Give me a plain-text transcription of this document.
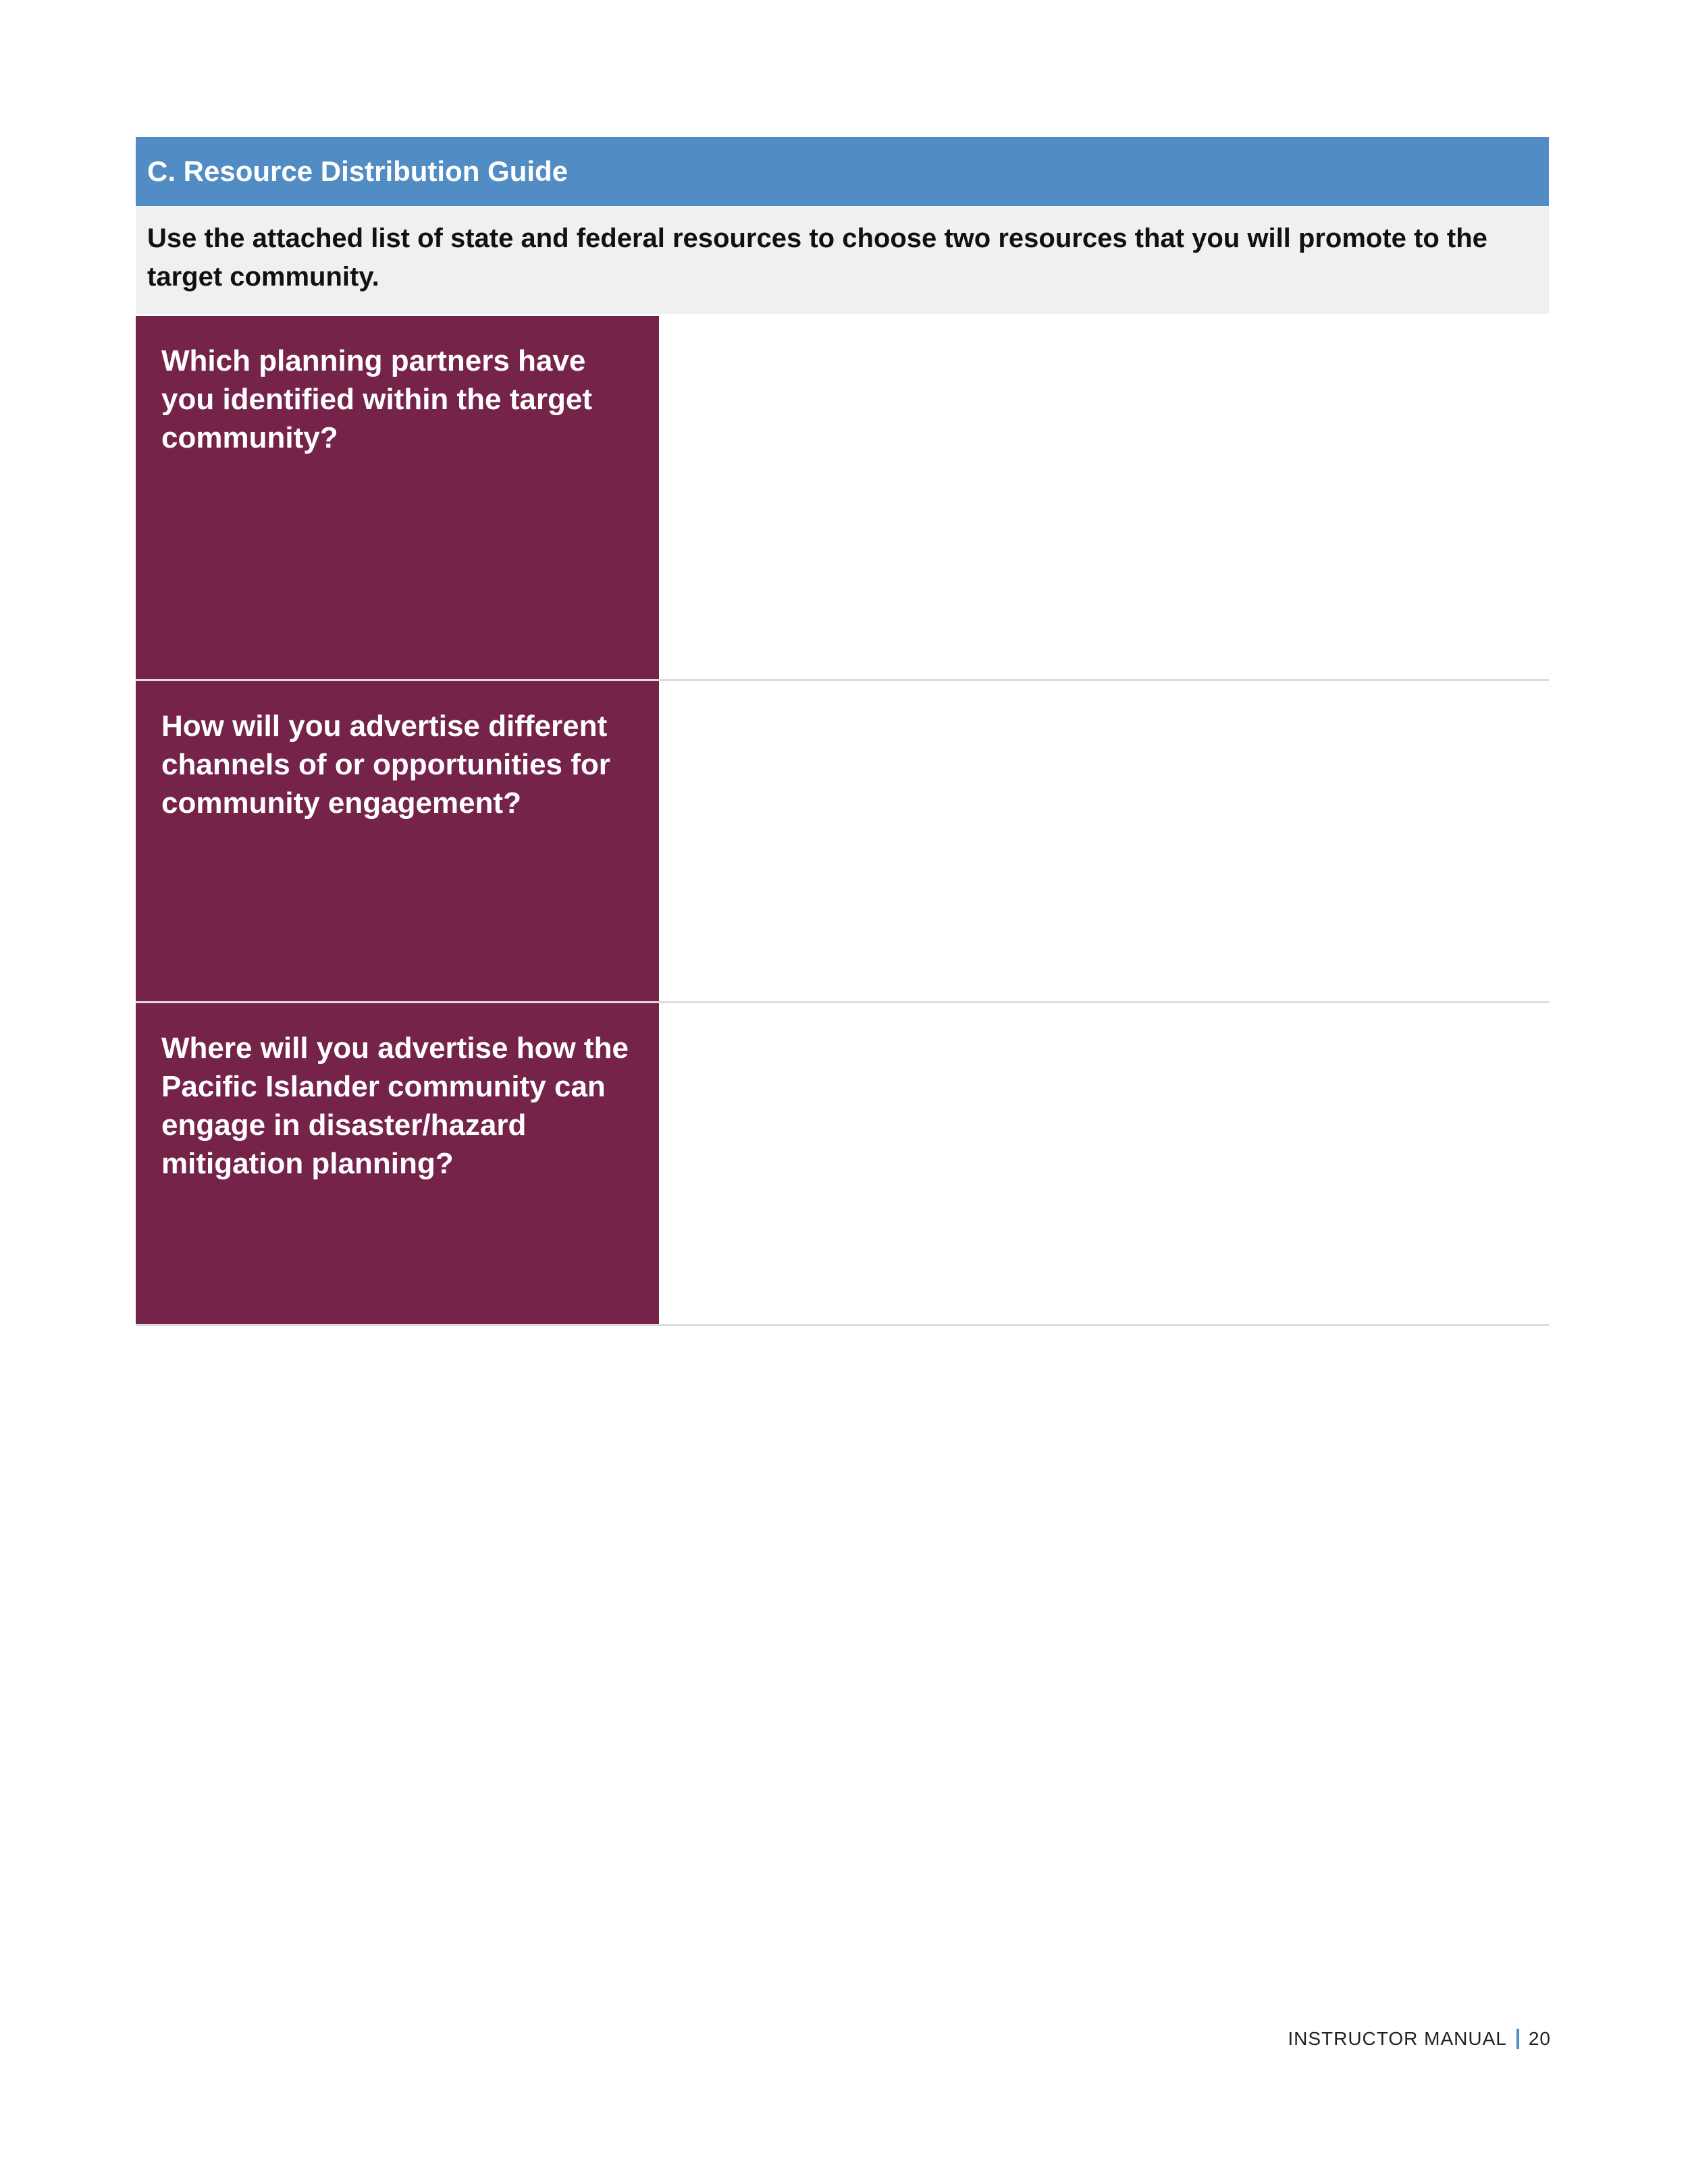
C. Resource Distribution Guide
Use the attached list of state and federal resources to choose two resources that you will promote to the target community.
Which planning partners have you identified within the target community?
How will you advertise different channels of or opportunities for community engagement?
Where will you advertise how the Pacific Islander community can engage in disaster/hazard mitigation planning?
INSTRUCTOR MANUAL 20
